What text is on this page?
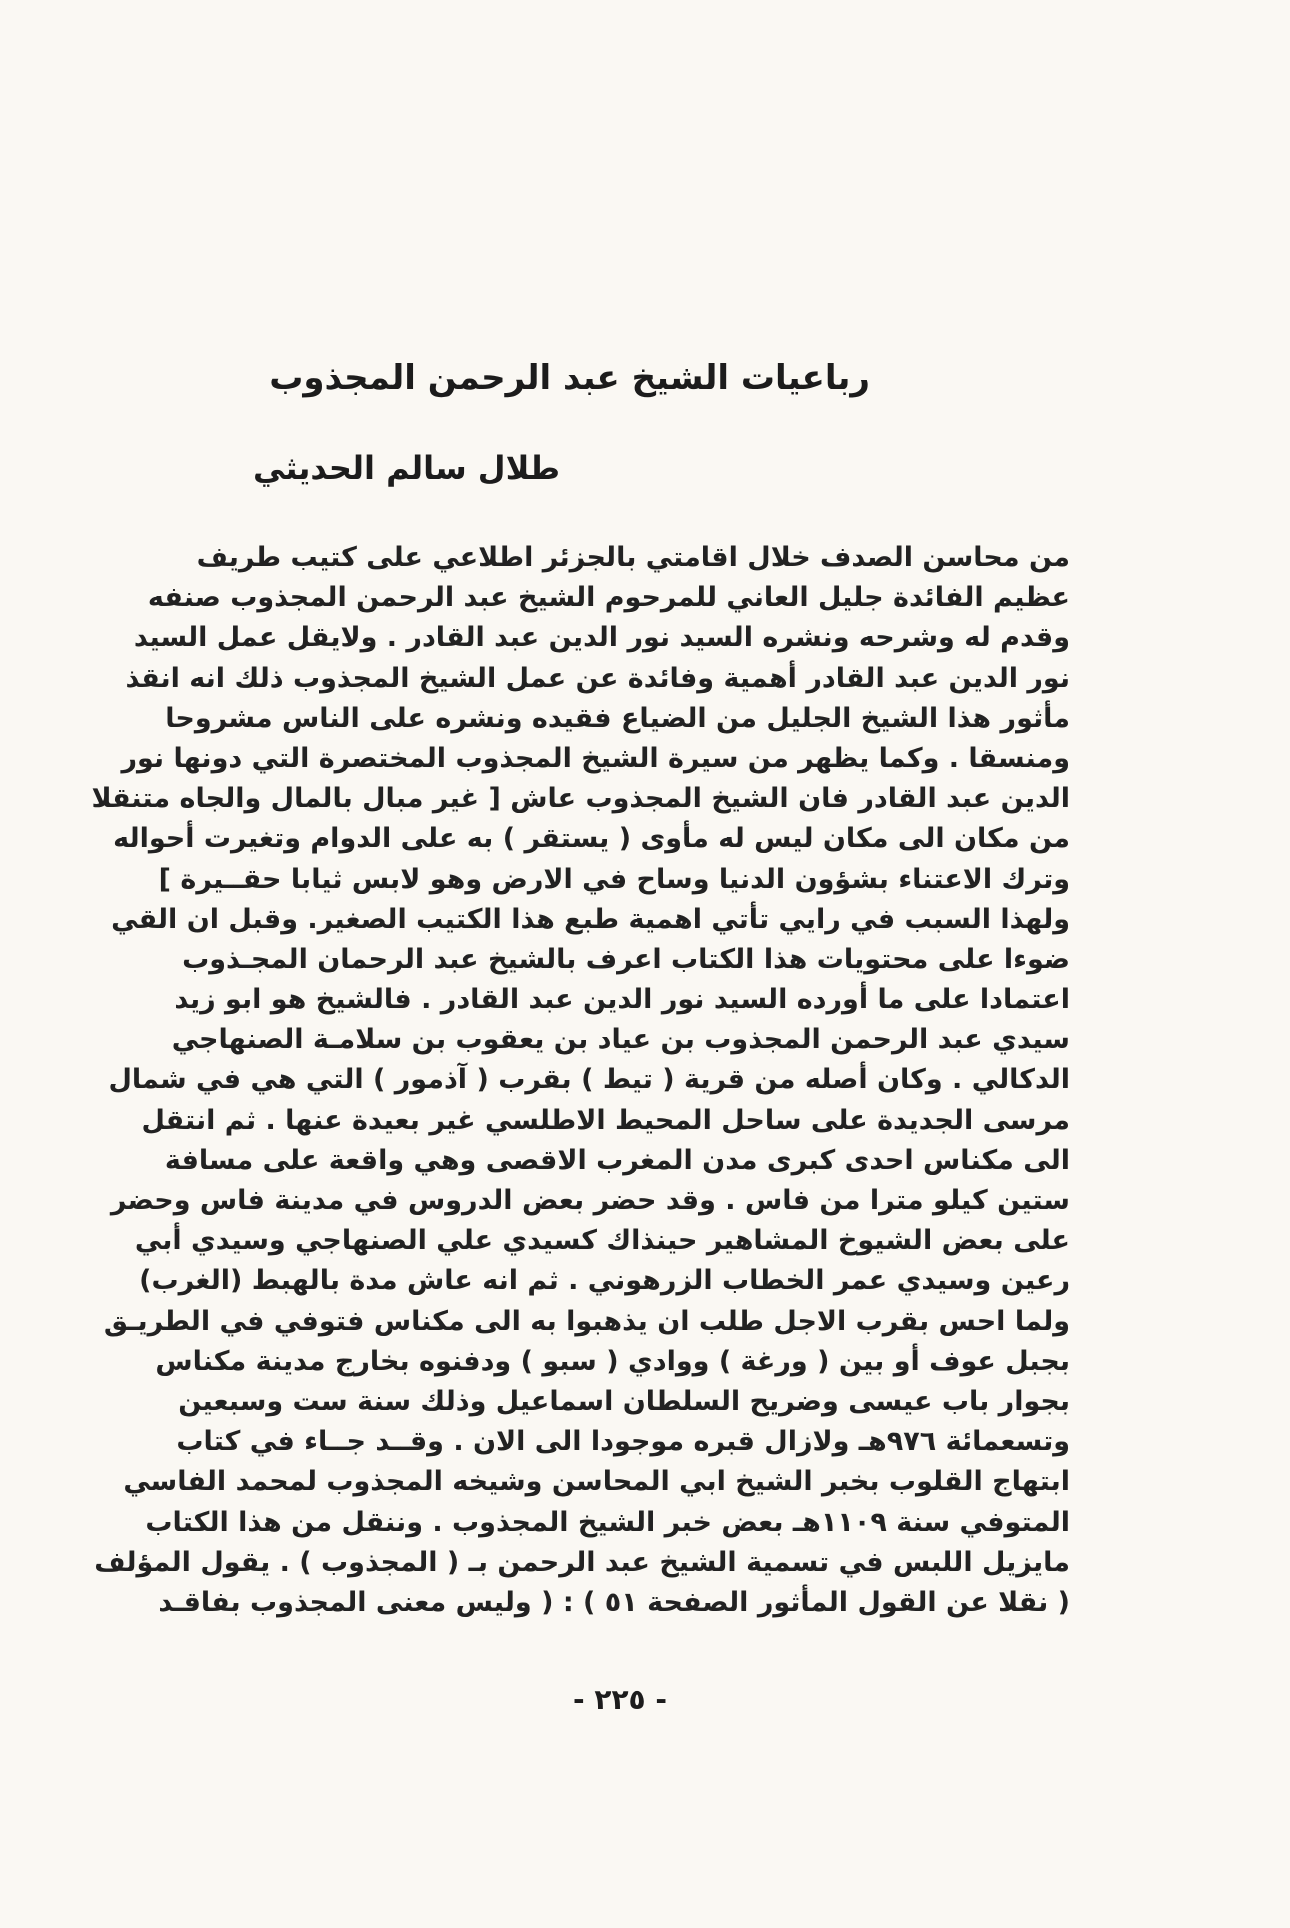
رباعيات الشيخ عبد الرحمن المجذوب
طلال سالم الحديثي
من محاسن الصدف خلال اقامتي بالجزئر اطلاعي على كتيب طريف
عظيم الفائدة جليل العاني للمرحوم الشيخ عبد الرحمن المجذوب صنفه
وقدم له وشرحه ونشره السيد نور الدين عبد القادر . ولايقل عمل السيد
نور الدين عبد القادر أهمية وفائدة عن عمل الشيخ المجذوب ذلك انه انقذ
مأثور هذا الشيخ الجليل من الضياع فقيده ونشره على الناس مشروحا
ومنسقا . وكما يظهر من سيرة الشيخ المجذوب المختصرة التي دونها نور
الدين عبد القادر فان الشيخ المجذوب عاش [ غير مبال بالمال والجاه متنقلا
من مكان الى مكان ليس له مأوى ( يستقر ) به على الدوام وتغيرت أحواله
وترك الاعتناء بشؤون الدنيا وساح في الارض وهو لابس ثيابا حقــيرة ]
ولهذا السبب في رايي تأتي اهمية طبع هذا الكتيب الصغير. وقبل ان القي
ضوءا على محتويات هذا الكتاب اعرف بالشيخ عبد الرحمان المجـذوب
اعتمادا على ما أورده السيد نور الدين عبد القادر . فالشيخ هو ابو زيد
سيدي عبد الرحمن المجذوب بن عياد بن يعقوب بن سلامـة الصنهاجي
الدكالي . وكان أصله من قرية ( تيط ) بقرب ( آذمور ) التي هي في شمال
مرسى الجديدة على ساحل المحيط الاطلسي غير بعيدة عنها . ثم انتقل
الى مكناس احدى كبرى مدن المغرب الاقصى وهي واقعة على مسافة
ستين كيلو مترا من فاس . وقد حضر بعض الدروس في مدينة فاس وحضر
على بعض الشيوخ المشاهير حينذاك كسيدي علي الصنهاجي وسيدي أبي
رعين وسيدي عمر الخطاب الزرهوني . ثم انه عاش مدة بالهبط (الغرب)
ولما احس بقرب الاجل طلب ان يذهبوا به الى مكناس فتوفي في الطريـق
بجبل عوف أو بين ( ورغة ) ووادي ( سبو ) ودفنوه بخارج مدينة مكناس
بجوار باب عيسى وضريح السلطان اسماعيل وذلك سنة ست وسبعين
وتسعمائة ٩٧٦هـ ولازال قبره موجودا الى الان . وقــد جــاء في كتاب
ابتهاج القلوب بخبر الشيخ ابي المحاسن وشيخه المجذوب لمحمد الفاسي
المتوفي سنة ١١٠٩هـ بعض خبر الشيخ المجذوب . وننقل من هذا الكتاب
مايزيل اللبس في تسمية الشيخ عبد الرحمن بـ ( المجذوب ) . يقول المؤلف
( نقلا عن القول المأثور الصفحة ٥١ ) : ( وليس معنى المجذوب بفاقـد
- ٢٢٥ -
